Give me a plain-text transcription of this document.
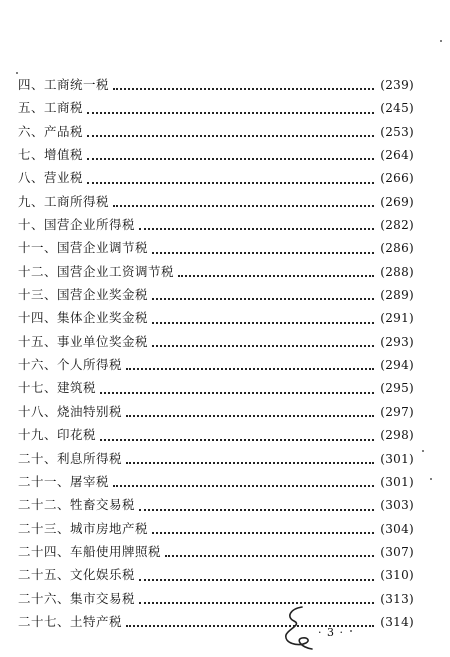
四、工商统一税	(239)
五、工商税	(245)
六、产品税	(253)
七、增值税	(264)
八、营业税	(266)
九、工商所得税	(269)
十、国营企业所得税	(282)
十一、国营企业调节税	(286)
十二、国营企业工资调节税	(288)
十三、国营企业奖金税	(289)
十四、集体企业奖金税	(291)
十五、事业单位奖金税	(293)
十六、个人所得税	(294)
十七、建筑税	(295)
十八、烧油特别税	(297)
十九、印花税	(298)
二十、利息所得税	(301)
二十一、屠宰税	(301)
二十二、牲畜交易税	(303)
二十三、城市房地产税	(304)
二十四、车船使用牌照税	(307)
二十五、文化娱乐税	(310)
二十六、集市交易税	(313)
二十七、土特产税	(314)
· 3 ·
